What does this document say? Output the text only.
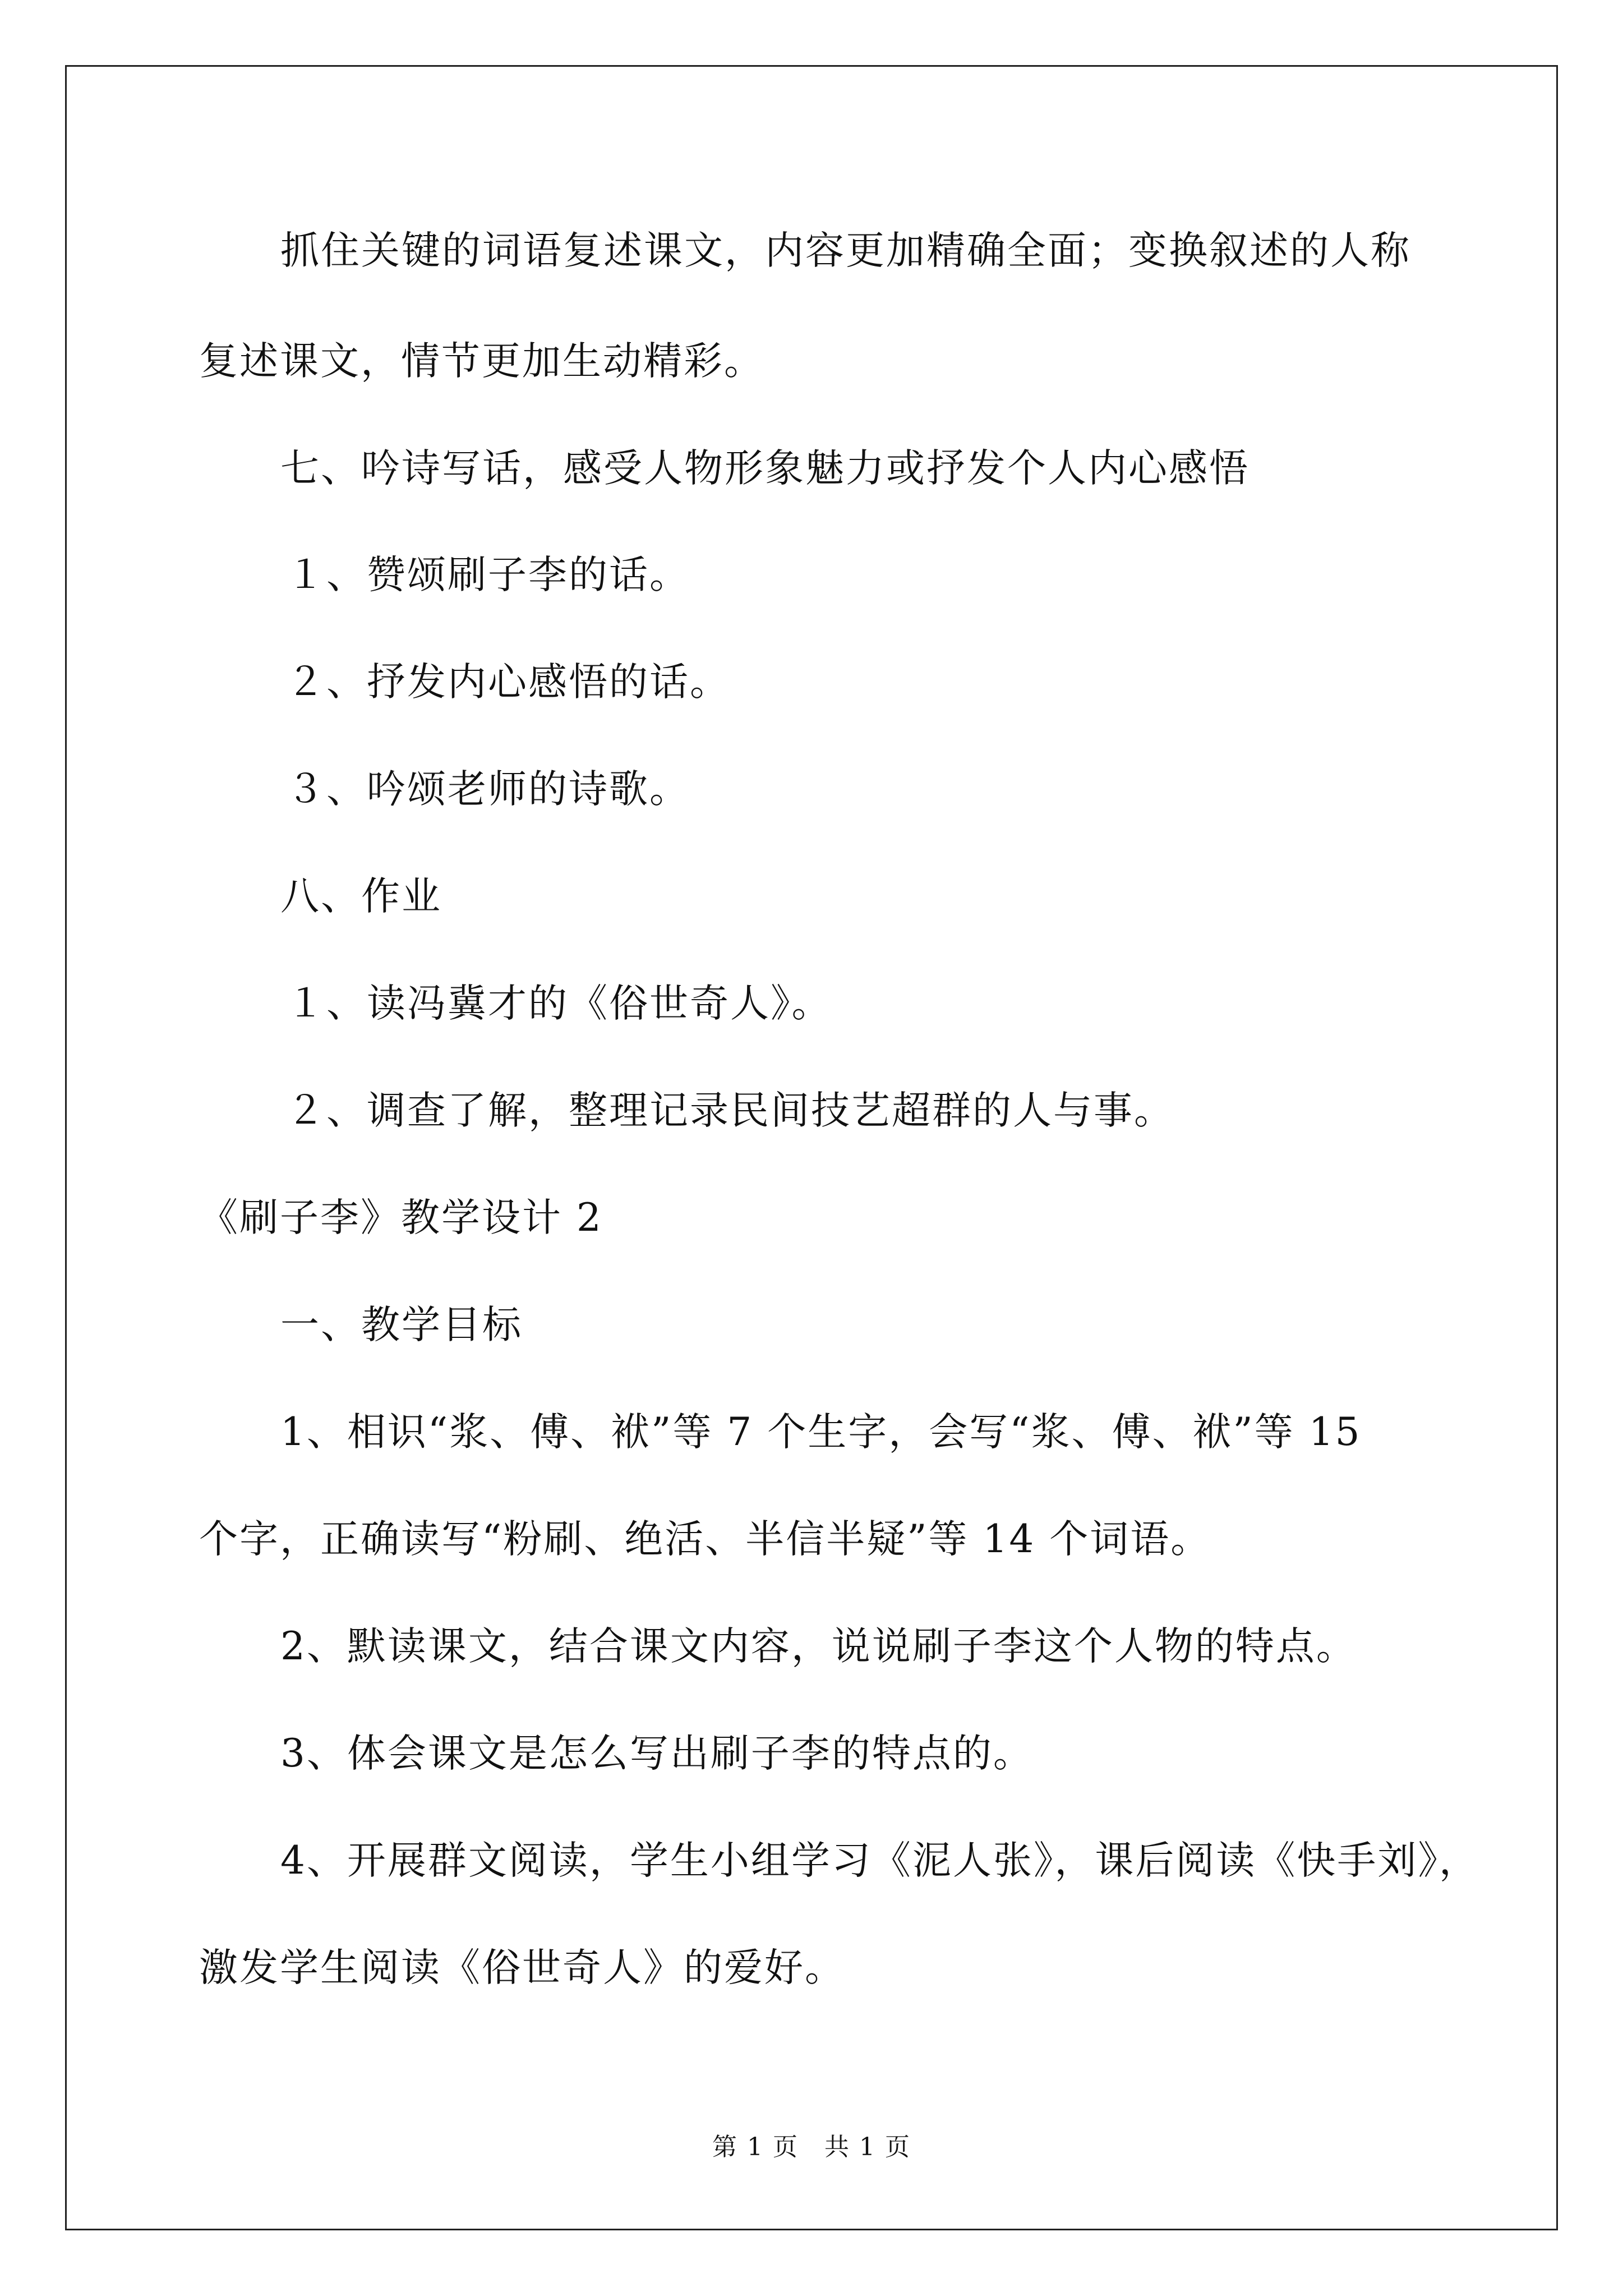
抓住关键的词语复述课文，内容更加精确全面；变换叙述的人称
复述课文，情节更加生动精彩。
七、吟诗写话，感受人物形象魅力或抒发个人内心感悟
１、赞颂刷子李的话。
２、抒发内心感悟的话。
３、吟颂老师的诗歌。
八、作业
１、读冯冀才的《俗世奇人》。
２、调查了解，整理记录民间技艺超群的人与事。
《刷子李》教学设计 2
一、教学目标
1、相识“浆、傅、袱”等 7 个生字，会写“浆、傅、袱”等 15
个字，正确读写“粉刷、绝活、半信半疑”等 14 个词语。
2、默读课文，结合课文内容，说说刷子李这个人物的特点。
3、体会课文是怎么写出刷子李的特点的。
4、开展群文阅读，学生小组学习《泥人张》，课后阅读《快手刘》，
激发学生阅读《俗世奇人》的爱好。
第 1 页　共 1 页
